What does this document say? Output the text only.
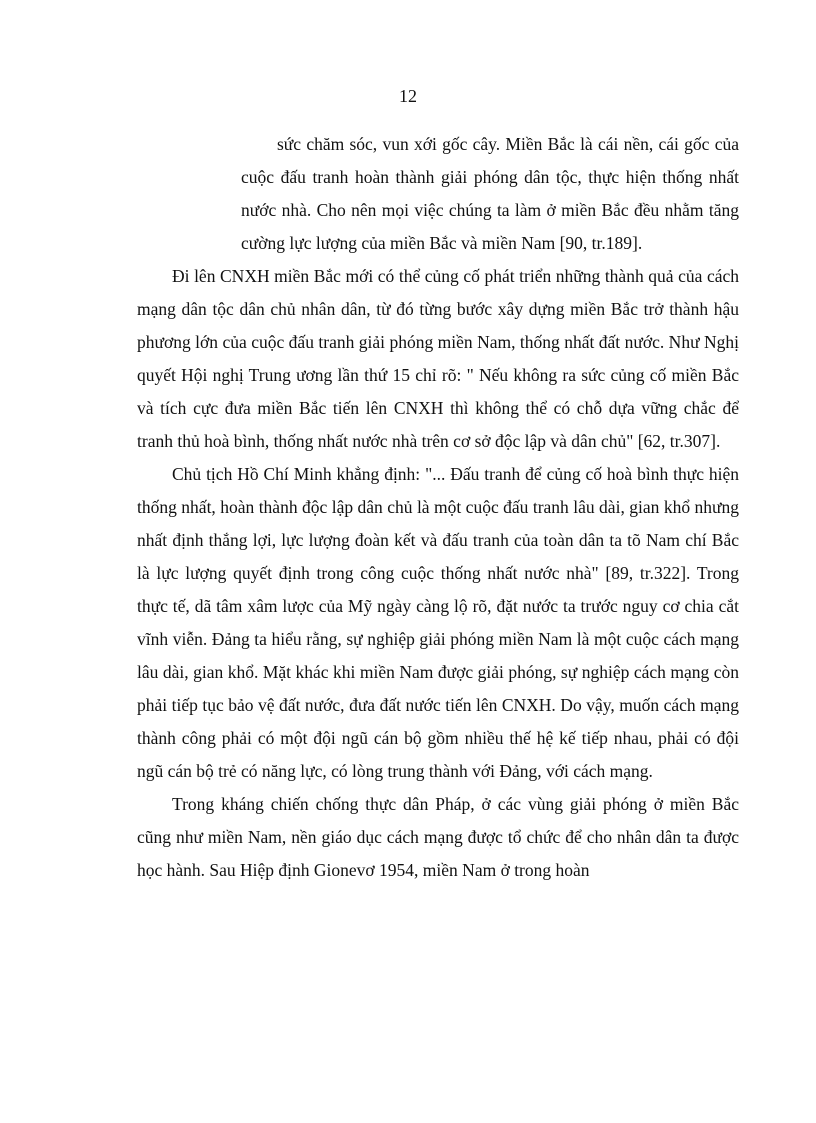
12

sức chăm sóc, vun xới gốc cây. Miền Bắc là cái nền, cái gốc của cuộc đấu tranh hoàn thành giải phóng dân tộc, thực hiện thống nhất nước nhà. Cho nên mọi việc chúng ta làm ở miền Bắc đều nhằm tăng cường lực lượng của miền Bắc và miền Nam [90, tr.189].

Đi lên CNXH miền Bắc mới có thể củng cố phát triển những thành quả của cách mạng dân tộc dân chủ nhân dân, từ đó từng bước xây dựng miền Bắc trở thành hậu phương lớn của cuộc đấu tranh giải phóng miền Nam, thống nhất đất nước. Như Nghị quyết Hội nghị Trung ương lần thứ 15 chỉ rõ: " Nếu không ra sức củng cố miền Bắc và tích cực đưa miền Bắc tiến lên CNXH thì không thể có chỗ dựa vững chắc để tranh thủ hoà bình, thống nhất nước nhà trên cơ sở độc lập và dân chủ" [62, tr.307].

Chủ tịch Hồ Chí Minh khẳng định: "... Đấu tranh để củng cố hoà bình thực hiện thống nhất, hoàn thành độc lập dân chủ là một cuộc đấu tranh lâu dài, gian khổ nhưng nhất định thắng lợi, lực lượng đoàn kết và đấu tranh của toàn dân ta tõ Nam chí Bắc là lực lượng quyết định trong công cuộc thống nhất nước nhà" [89, tr.322]. Trong thực tế, dã tâm xâm lược của Mỹ ngày càng lộ rõ, đặt nước ta trước nguy cơ chia cắt vĩnh viễn. Đảng ta hiểu rằng, sự nghiệp giải phóng miền Nam là một cuộc cách mạng lâu dài, gian khổ. Mặt khác khi miền Nam được giải phóng, sự nghiệp cách mạng còn phải tiếp tục bảo vệ đất nước, đưa đất nước tiến lên CNXH. Do vậy, muốn cách mạng thành công phải có một đội ngũ cán bộ gồm nhiều thế hệ kế tiếp nhau, phải có đội ngũ cán bộ trẻ có năng lực, có lòng trung thành với Đảng, với cách mạng.

Trong kháng chiến chống thực dân Pháp, ở các vùng giải phóng ở miền Bắc cũng như miền Nam, nền giáo dục cách mạng được tổ chức để cho nhân dân ta được học hành. Sau Hiệp định Gionevơ 1954, miền Nam ở trong hoàn
